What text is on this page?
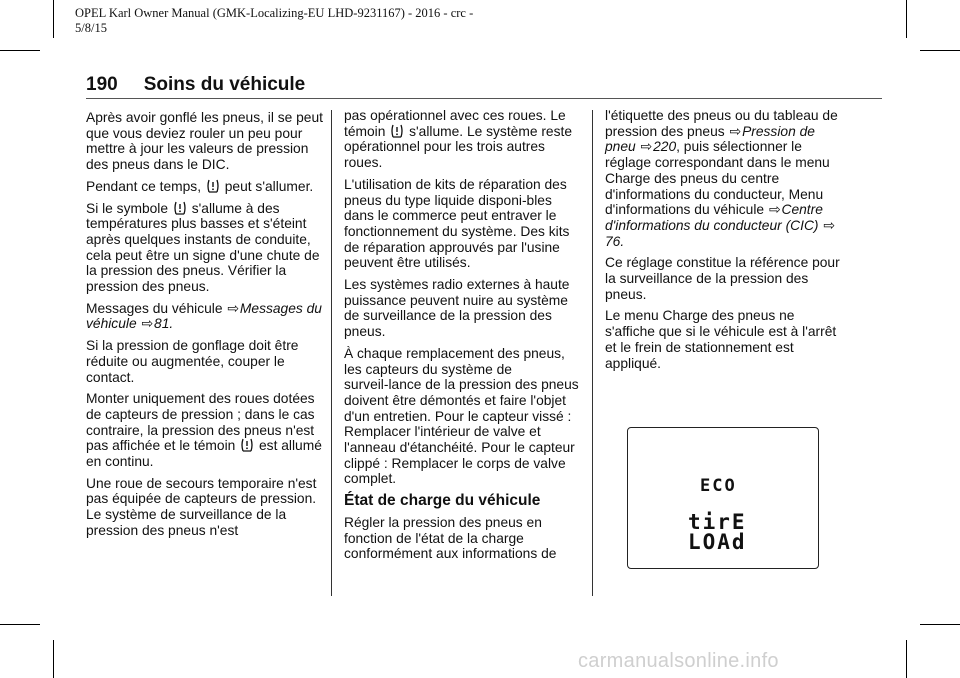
OPEL Karl Owner Manual (GMK-Localizing-EU LHD-9231167) - 2016 - crc -
5/8/15
190 Soins du véhicule

Après avoir gonflé les pneus, il se peut que vous deviez rouler un peu pour mettre à jour les valeurs de pression des pneus dans le DIC.

Pendant ce temps, peut s'allumer.

Si le symbole s'allume à des températures plus basses et s'éteint après quelques instants de conduite, cela peut être un signe d'une chute de la pression des pneus. Vérifier la pression des pneus.

Messages du véhicule ⇨Messages du véhicule ⇨81.

Si la pression de gonflage doit être réduite ou augmentée, couper le contact.

Monter uniquement des roues dotées de capteurs de pression ; dans le cas contraire, la pression des pneus n'est pas affichée et le témoin est allumé en continu.

Une roue de secours temporaire n'est pas équipée de capteurs de pression. Le système de surveillance de la pression des pneus n'est

pas opérationnel avec ces roues. Le témoin s'allume. Le système reste opérationnel pour les trois autres roues.

L'utilisation de kits de réparation des pneus du type liquide disponi‑bles dans le commerce peut entraver le fonctionnement du système. Des kits de réparation approuvés par l'usine peuvent être utilisés.

Les systèmes radio externes à haute puissance peuvent nuire au système de surveillance de la pression des pneus.

À chaque remplacement des pneus, les capteurs du système de surveil‑lance de la pression des pneus doivent être démontés et faire l'objet d'un entretien. Pour le capteur vissé : Remplacer l'intérieur de valve et l'anneau d'étanchéité. Pour le capteur clippé : Remplacer le corps de valve complet.

État de charge du véhicule

Régler la pression des pneus en fonction de l'état de la charge conformément aux informations de

l'étiquette des pneus ou du tableau de pression des pneus ⇨Pression de pneu ⇨220, puis sélectionner le réglage correspondant dans le menu Charge des pneus du centre d'informations du conducteur, Menu d'informations du véhicule ⇨Centre d'informations du conducteur (CIC) ⇨76.

Ce réglage constitue la référence pour la surveillance de la pression des pneus.

Le menu Charge des pneus ne s'affiche que si le véhicule est à l'arrêt et le frein de stationnement est appliqué.

ECO
tirE
LOAd
carmanualsonline.info
